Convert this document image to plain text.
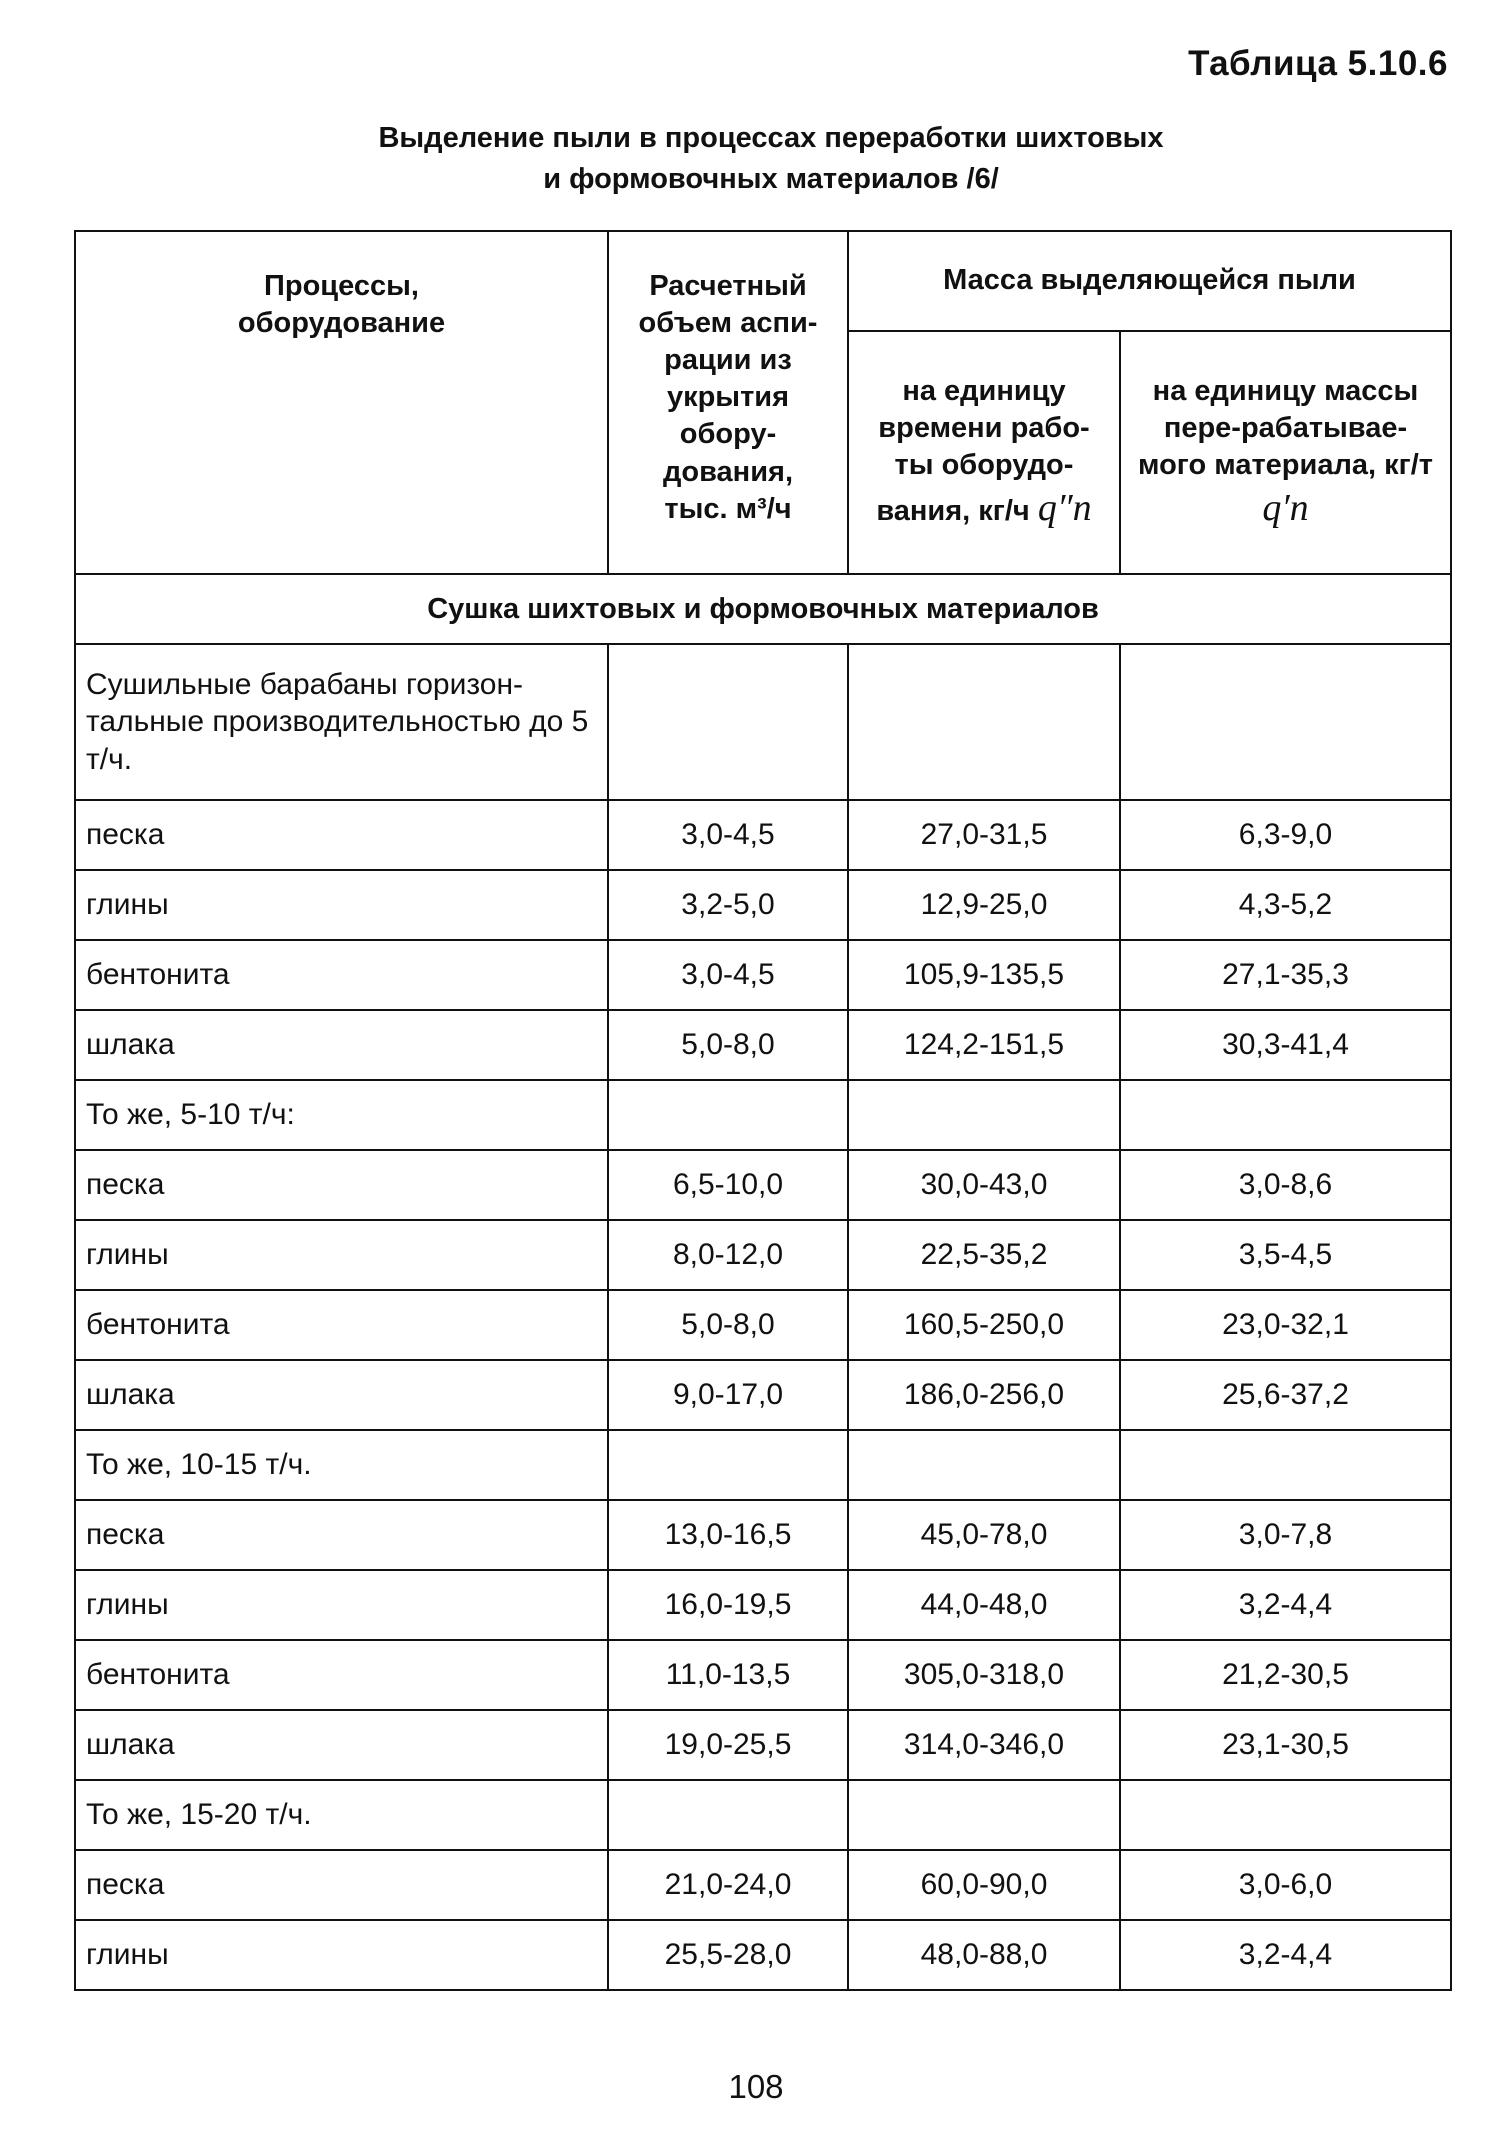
Таблица 5.10.6
Выделение пыли в процессах переработки шихтовых
и формовочных материалов /6/
Процессы, оборудование	Расчетный объем аспи-рации из укрытия обору-дования, тыс. м³/ч	Масса выделяющейся пыли	
		на единицу времени рабо-ты оборудо-вания, кг/ч q″п	на единицу массы пере-рабатывае-мого материала, кг/т q′п
Сушка шихтовых и формовочных материалов			
Сушильные барабаны горизон-тальные производительностью до 5 т/ч.			
песка	3,0-4,5	27,0-31,5	6,3-9,0
глины	3,2-5,0	12,9-25,0	4,3-5,2
бентонита	3,0-4,5	105,9-135,5	27,1-35,3
шлака	5,0-8,0	124,2-151,5	30,3-41,4
То же, 5-10 т/ч:			
песка	6,5-10,0	30,0-43,0	3,0-8,6
глины	8,0-12,0	22,5-35,2	3,5-4,5
бентонита	5,0-8,0	160,5-250,0	23,0-32,1
шлака	9,0-17,0	186,0-256,0	25,6-37,2
То же, 10-15 т/ч.			
песка	13,0-16,5	45,0-78,0	3,0-7,8
глины	16,0-19,5	44,0-48,0	3,2-4,4
бентонита	11,0-13,5	305,0-318,0	21,2-30,5
шлака	19,0-25,5	314,0-346,0	23,1-30,5
То же, 15-20 т/ч.			
песка	21,0-24,0	60,0-90,0	3,0-6,0
глины	25,5-28,0	48,0-88,0	3,2-4,4
108
